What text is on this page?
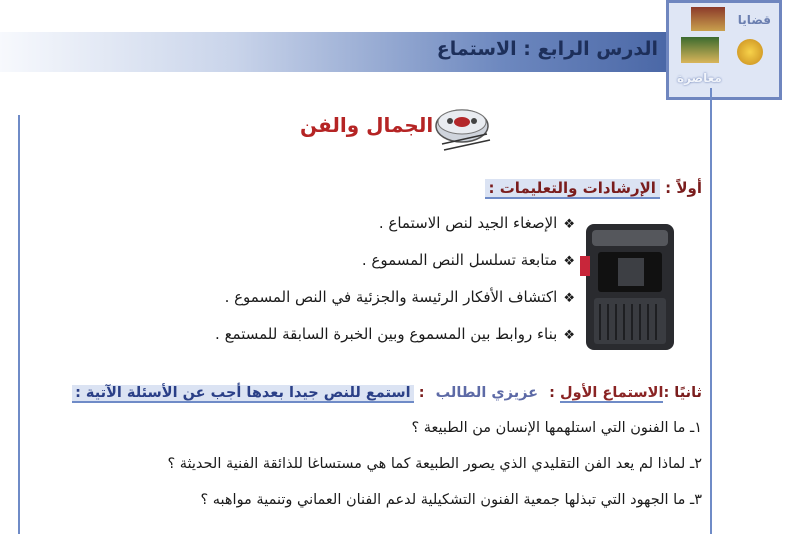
الدرس الرابع : الاستماع
قضايا
معاصرة
الجمال والفن
أولاً : الإرشادات والتعليمات :
❖الإصغاء الجيد لنص الاستماع .
❖متابعة تسلسل النص المسموع .
❖اكتشاف الأفكار الرئيسة والجزئية في النص المسموع .
❖بناء روابط بين المسموع وبين الخبرة السابقة للمستمع .
ثانيًا :الاستماع الأول : عزيزي الطالب : استمع للنص جيدا بعدها أجب عن الأسئلة الآتية :
١ـ ما الفنون التي استلهمها الإنسان من الطبيعة ؟
٢ـ لماذا لم يعد الفن التقليدي الذي يصور الطبيعة كما هي مستساغا للذائقة الفنية الحديثة ؟
٣ـ ما الجهود التي تبذلها جمعية الفنون التشكيلية لدعم الفنان العماني وتنمية مواهبه ؟
